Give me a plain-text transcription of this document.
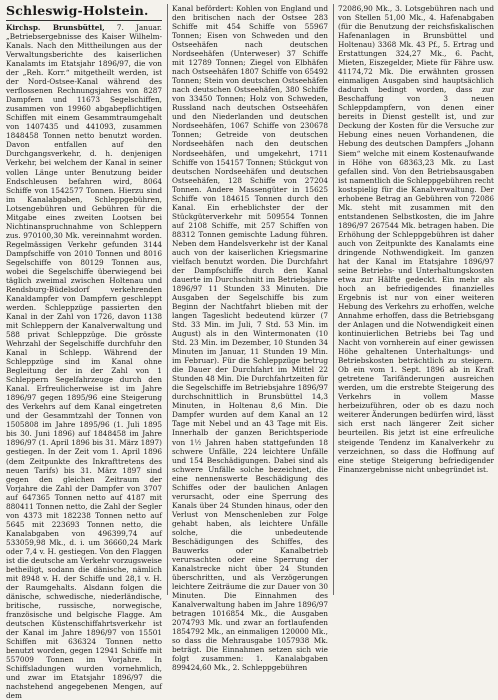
Schleswig-Holstein.

Kirchsp. Brunsbüttel, 7. Januar. „Betriebsergebnisse des Kaiser Wilhelm-Kanals. Nach den Mittheilungen aus der Verwaltungsberichte des kaiserlichen Kanalamts im Etatsjahr 1896/97, die von der „Reh. Korr.“ mitgetheilt werden, ist der Nord-Ostsee-Kanal während des verflossenen Rechnungsjahres von 8287 Dampfern und 11673 Segelschiffen, zusammen von 19960 abgabepflichtigen Schiffen mit einem Gesammtraumgehalt von 1407435 und 441093, zusammen 1848458 Tonnen netto benutzt worden. Davon entfallen auf den Durchgangsverkehr, d. h. denjenigen Verkehr, bei welchem der Kanal in seiner vollen Länge unter Benutzung beider Endschleusen befahren wird, 8064 Schiffe von 1542577 Tonnen. Hierzu sind im Kanalabgaben, Schleppgebühren, Lotsengebühren und Gebühren für die Mitgabe eines zweiten Lootsen bei Nichtinanspruchnahme von Schleppern zus. 970100,30 Mk. vereinnahmt worden. Regelmässigen Verkehr gefunden 3144 Dampfschiffe von 2010 Tonnen und 8016 Segelschiffe von 80129 Tonnen aus, wobei die Segelschiffe überwiegend bei täglich zweimal zwischen Holtenau und Rendsburg-Büdelsdorf verkehrenden Kanaldampfer von Dampfern geschleppt werden. Schleppzüge passierten den Kanal in der Zahl von 1726, davon 1138 mit Schleppern der Kanalverwaltung und 588 privat Schleppzüge. Die grösste Wehrzahl der Segelschiffe durchfuhr den Kanal in Schlepp. Während der Schleppzüge sind im Kanal ohne Begleitung der in der Zahl von 1 Schleppern Segelfahrzeuge durch den Kanal. Erfreulicherweise ist im Jahre 1896/97 gegen 1895/96 eine Steigerung des Verkehrs auf dem Kanal eingetreten und der Gesammtzahl der Tonnen von 1505808 im Jahre 1895/96 (1. Juli 1895 bis 30. Juni 1896) auf 1848458 im Jahre 1896/97 (1. April 1896 bis 31. März 1897) gestiegen. In der Zeit vom 1. April 1896 (dem Zeitpunkte des Inkrafttretens des neuen Tarifs) bis 31. März 1897 sind gegen den gleichen Zeitraum der Vorjahre die Zahl der Dampfer von 3707 auf 647365 Tonnen netto auf 4187 mit 880411 Tonnen netto, die Zahl der Segler von 4373 mit 182238 Tonnen netto auf 5645 mit 223693 Tonnen netto, die Kanalabgaben von 496399,74 auf 533059,98 Mk., d. i. um 36660,24 Mark oder 7,4 v. H. gestiegen. Von den Flaggen ist die deutsche am Verkehr vorzugsweise betheiligt, sodann die dänische, nämlich mit 8948 v. H. der Schiffe und 28,1 v. H. der Raumgehalts. Alsdann folgen die dänische, schwedische, niederländische, britische, russische, norwegische, französische und belgische Flagge. Am deutschen Küstenschiffahrtsverkehr ist der Kanal im Jahre 1896/97 von 15501 Schiffen mit 636324 Tonnen netto benutzt worden, gegen 12941 Schiffe mit 557009 Tonnen im Vorjahre. In Schiffsladungen wurden vornehmlich, und zwar im Etatsjahr 1896/97 die nachstehend angegebenen Mengen, auf dem

Kanal befördert: Kohlen von England und den britischen nach der Ostsee 283 Schiffe mit 454 Schiffe von 55967 Tonnen; Eisen von Schweden und den Ostseehäfen nach deutschen Nordseehäfen (Unterweser) 37 Schiffe mit 12789 Tonnen; Ziegel von Elbhäfen nach Ostseehäfen 1807 Schiffe von 65492 Tonnen; Stein von deutschen Ostseehäfen nach deutschen Ostseehäfen, 380 Schiffe von 33450 Tonnen; Holz von Schweden, Russland nach deutschen Ostseehäfen und den Niederlanden und deutschen Nordseehäfen, 1067 Schiffe von 230678 Tonnen; Getreide von deutschen Nordseehäfen nach den deutschen Nordseehäfen, und umgekehrt, 1711 Schiffe von 154157 Tonnen; Stückgut von deutschen Nordseehäfen und deutschen Ostseehäfen, 128 Schiffe von 27204 Tonnen. Andere Massengüter in 15625 Schiffe von 184615 Tonnen durch den Kanal. Ein erheblichster der der Stückgüterverkehr mit 509554 Tonnen auf 2108 Schiffe, mit 257 Schiffen von 88312 Tonnen gemischte Ladung führen. Neben dem Handelsverkehr ist der Kanal auch von der kaiserlichen Kriegsmarine vielfach benutzt worden. Die Durchfahrt der Dampfschiffe durch den Kanal dauerte im Durchschnitt im Betriebsjahre 1896/97 11 Stunden 33 Minuten. Die Ausgaben der Segelschiffe bis zum Beginn der Nachtfahrt blieben mit der langen Tageslicht bedeutend kürzer (7 Std. 33 Min. im Juli, 7 Std. 53 Min. im August) als in den Wintermonaten (10 Std. 23 Min. im Dezember, 10 Stunden 34 Minuten im Januar, 11 Stunden 19 Min. im Februar). Für die Schleppzüge betrug die Dauer der Durchfahrt im Mittel 22 Stunden 48 Min. Die Durchfahrtzeiten für die Segelschiffe im Betriebsjahre 1896/97 durchschnittlich in Brunsbüttel 14,3 Minuten, in Holtenau 8,6 Min. Die Dampfer wurden auf dem Kanal an 12 Tage mit Nebel und an 43 Tage mit Eis. Innerhalb der ganzen Berichtsperiode von 1½ Jahren haben stattgefunden 18 schwere Unfälle, 224 leichtere Unfälle und 154 Beschädigungen. Dabei sind als schwere Unfälle solche bezeichnet, die eine nennenswerte Beschädigung des Schiffes oder der baulichen Anlagen verursacht, oder eine Sperrung des Kanals über 24 Stunden hinaus, oder den Verlust von Menschenleben zur Folge gehabt haben, als leichtere Unfälle solche, die unbedeutende Beschädigungen des Schiffes, des Bauwerks oder Kanalbetrieb verursachten oder eine Sperrung der Kanalstrecke nicht über 24 Stunden überschritten, und als Verzögerungen leichtere Zeiträume die zur Dauer von 30 Minuten. Die Einnahmen des Kanalverwaltung haben im Jahre 1896/97 betragen 1016854 Mk., die Ausgaben 2074793 Mk. und zwar an fortlaufenden 1854792 Mk., an einmaligen 120000 Mk., so dass die Mehrausgabe 1057938 Mk. beträgt. Die Einnahmen setzen sich wie folgt zusammen: 1. Kanalabgaben 899424,60 Mk., 2. Schleppgebühren

72086,90 Mk., 3. Lotsgebühren nach und von Stellen 51,00 Mk., 4. Hafenabgaben (für die Benutzung der reichsfiskalischen Hafenanlagen in Brunsbüttel und Holtenau) 3368 Mk. 43 Pf., 5. Ertrag und Erstattungen 324,27 Mk., 6. Pacht, Mieten, Eiszegelder, Miete für Fähre usw. 41174,72 Mk. Die erwähnten grossen einmaligen Ausgaben sind hauptsächlich dadurch bedingt worden, dass zur Beschaffung von 3 neuen Schleppdampfern, von denen einer bereits in Dienst gestellt ist, und zur Deckung der Kosten für die Versuche zur Hebung eines neuen Vorhandenen, die Hebung des deutschen Dampfers „Johann Siem“ welche mit einem Kostenaufwande in Höhe von 68363,23 Mk. zu Last gefallen sind. Von den Betriebsausgaben ist namentlich die Schleppgebühren recht kostspielig für die Kanalverwaltung. Der erhobene Betrag an Gebühren von 72086 Mk. steht mit zusammen mit den entstandenen Selbstkosten, die im Jahre 1896/97 267544 Mk. betragen haben. Die Erhöhung der Schleppgebühren ist daher auch von Zeitpunkte des Kanalamts eine dringende Nothwendigkeit. Im ganzen hat der Kanal im Etatsjahre 1896/97 seine Betriebs- und Unterhaltungskosten etwa zur Hälfte gedeckt. Ein mehr als hoch an befriedigendes finanzielles Ergebnis ist nur von einer weiteren Hebung des Verkehrs zu erhoffen, welche Annahme erhoffen, dass die Betriebsgang der Anlagen und die Notwendigkeit einen kontinuierlichen Betriebs bei Tag und Nacht von vornherein auf einer gewissen Höhe gehaltenen Unterhaltungs- und Betriebskosten beträchtlich zu steigern. Ob ein vom 1. Sept. 1896 ab in Kraft getretene Tarifänderungen ausreichen werden, um die erstrebte Steigerung des Verkehrs in vollem Masse herbeizuführen, oder ob es dazu noch weiterer Änderungen bedürfen wird, lässt sich erst nach längerer Zeit sicher beurteilen. Bis jetzt ist eine erfreuliche steigende Tendenz im Kanalverkehr zu verzeichnen, so dass die Hoffnung auf eine stetige Steigerung befriedigender Finanzergebnisse nicht unbegründet ist.
